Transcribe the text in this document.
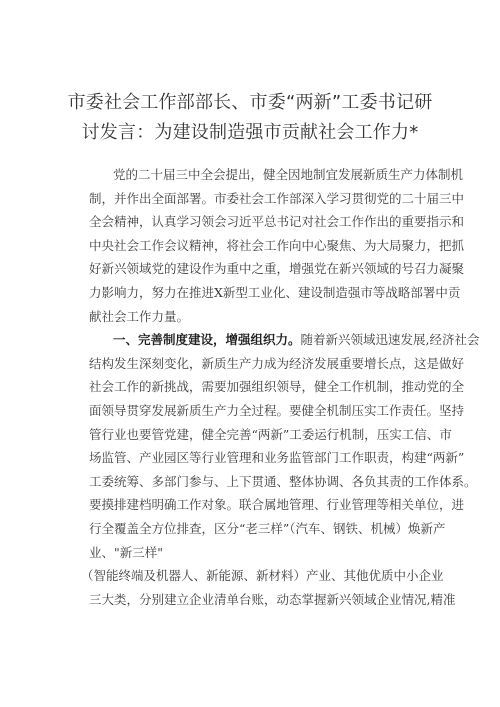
市委社会工作部部长、市委“两新”工委书记研
讨发言：为建设制造强市贡献社会工作力*
党的二十届三中全会提出，健全因地制宜发展新质生产力体制机
制，并作出全面部署。市委社会工作部深入学习贯彻党的二十届三中
全会精神，认真学习领会习近平总书记对社会工作作出的重要指示和
中央社会工作会议精神，将社会工作向中心聚焦、为大局聚力，把抓
好新兴领域党的建设作为重中之重，增强党在新兴领域的号召力凝聚
力影响力，努力在推进X新型工业化、建设制造强市等战略部署中贡
献社会工作力量。
一、完善制度建设，增强组织力。随着新兴领域迅速发展,经济社会
结构发生深刻变化，新质生产力成为经济发展重要增长点，这是做好
社会工作的新挑战，需要加强组织领导，健全工作机制，推动党的全
面领导贯穿发展新质生产力全过程。要健全机制压实工作责任。坚持
管行业也要管党建，健全完善“两新”工委运行机制，压实工信、市
场监管、产业园区等行业管理和业务监管部门工作职责，构建“两新”
工委统筹、多部门参与、上下贯通、整体协调、各负其责的工作体系。
要摸排建档明确工作对象。联合属地管理、行业管理等相关单位，进
行全覆盖全方位排查，区分“老三样”（汽车、钢铁、机械）焕新产
业、"新三样"
（智能终端及机器人、新能源、新材料）产业、其他优质中小企业
三大类，分别建立企业清单台账，动态掌握新兴领域企业情况,精准
